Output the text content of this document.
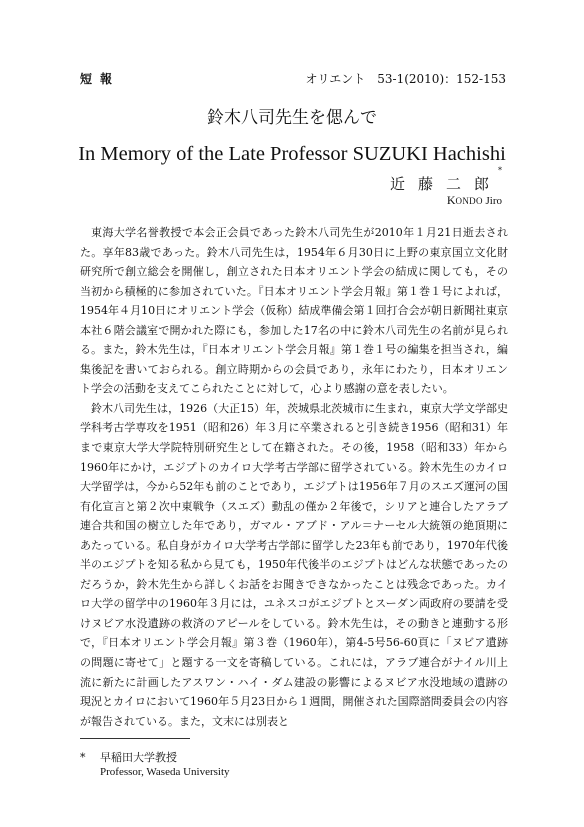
短報	オリエント　53-1(2010)：152-153
鈴木八司先生を偲んで
In Memory of the Late Professor SUZUKI Hachishi
*
近藤二郎
KONDO Jiro

東海大学名誉教授で本会正会員であった鈴木八司先生が2010年１月21日逝去された。享年83歳であった。鈴木八司先生は，1954年６月30日に上野の東京国立文化財研究所で創立総会を開催し，創立された日本オリエント学会の結成に関しても，その当初から積極的に参加されていた。『日本オリエント学会月報』第１巻１号によれば，1954年４月10日にオリエント学会（仮称）結成準備会第１回打合会が朝日新聞社東京本社６階会議室で開かれた際にも，参加した17名の中に鈴木八司先生の名前が見られる。また，鈴木先生は，『日本オリエント学会月報』第１巻１号の編集を担当され，編集後記を書いておられる。創立時期からの会員であり，永年にわたり，日本オリエント学会の活動を支えてこられたことに対して，心より感謝の意を表したい。

鈴木八司先生は，1926（大正15）年，茨城県北茨城市に生まれ，東京大学文学部史学科考古学専攻を1951（昭和26）年３月に卒業されると引き続き1956（昭和31）年まで東京大学大学院特別研究生として在籍された。その後，1958（昭和33）年から1960年にかけ，エジプトのカイロ大学考古学部に留学されている。鈴木先生のカイロ大学留学は，今から52年も前のことであり，エジプトは1956年７月のスエズ運河の国有化宣言と第２次中東戦争（スエズ）動乱の僅か２年後で，シリアと連合したアラブ連合共和国の樹立した年であり，ガマル・アブド・アル＝ナーセル大統領の絶頂期にあたっている。私自身がカイロ大学考古学部に留学した23年も前であり，1970年代後半のエジプトを知る私から見ても，1950年代後半のエジプトはどんな状態であったのだろうか，鈴木先生から詳しくお話をお聞きできなかったことは残念であった。カイロ大学の留学中の1960年３月には，ユネスコがエジプトとスーダン両政府の要請を受けヌビア水没遺跡の救済のアピールをしている。鈴木先生は，その動きと連動する形で，『日本オリエント学会月報』第３巻（1960年），第4-5号56-60頁に「ヌビア遺跡の問題に寄せて」と題する一文を寄稿している。これには，アラブ連合がナイル川上流に新たに計画したアスワン・ハイ・ダム建設の影響によるヌビア水没地域の遺跡の現況とカイロにおいて1960年５月23日から１週間，開催された国際諮問委員会の内容が報告されている。また，文末には別表と

* 早稲田大学教授
Professor, Waseda University
